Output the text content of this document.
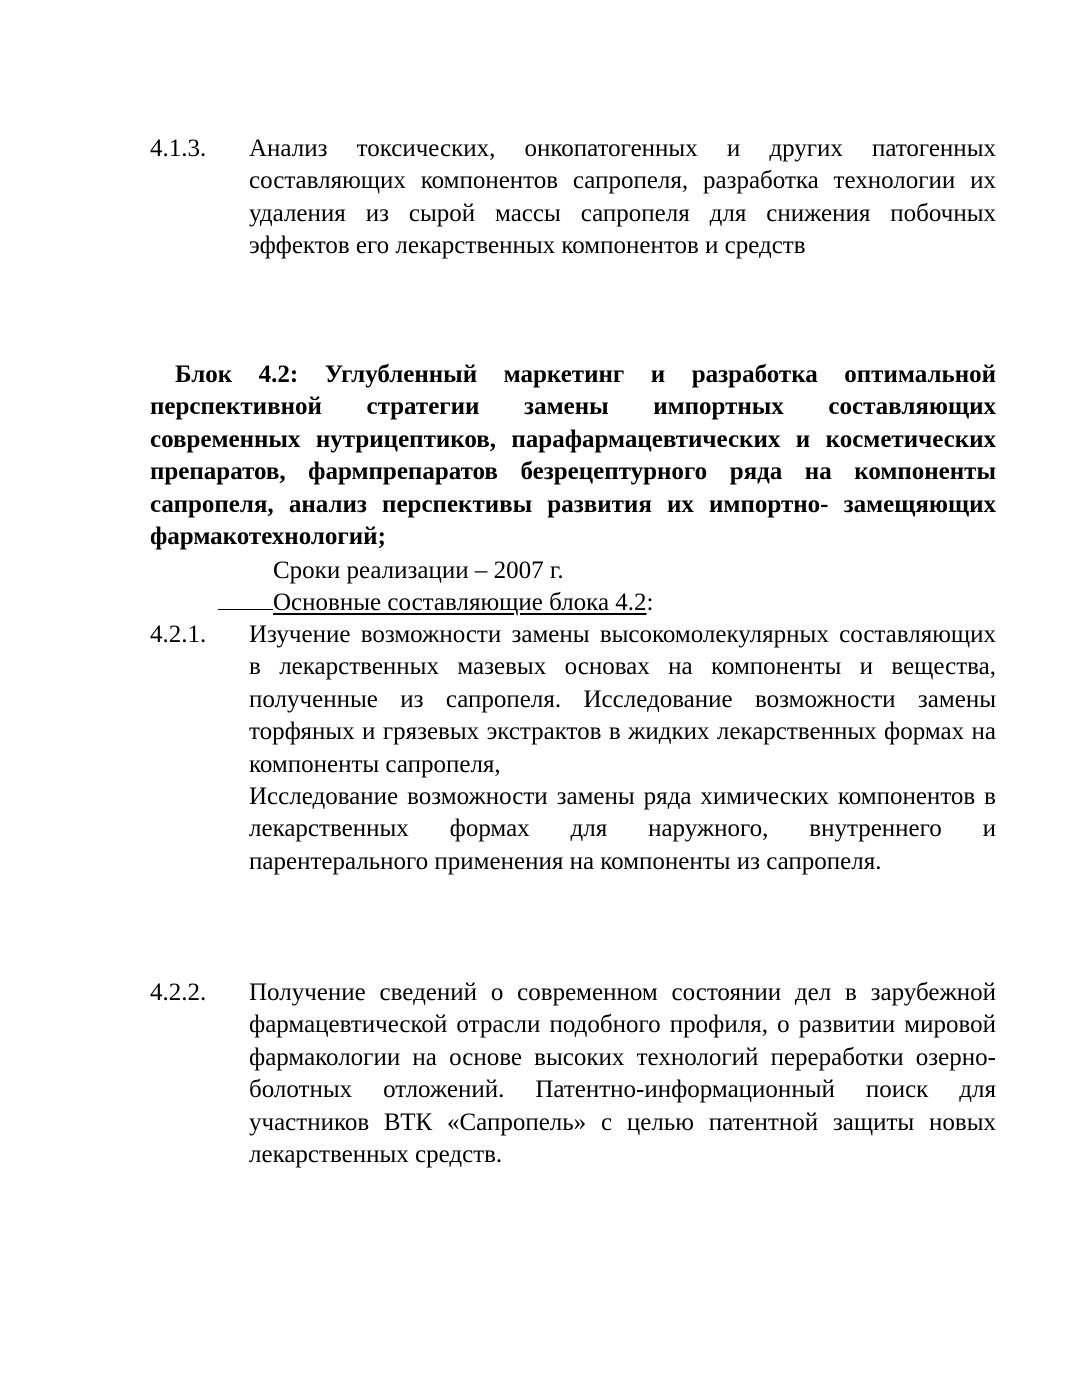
4.1.3. Анализ токсических, онкопатогенных и других патогенных составляющих компонентов сапропеля, разработка технологии их удаления из сырой массы сапропеля для снижения побочных эффектов его лекарственных компонентов и средств

Блок 4.2: Углубленный маркетинг и разработка оптимальной перспективной стратегии замены импортных составляющих современных нутрицептиков, парафармацевтических и косметических препаратов, фармпрепаратов безрецептурного ряда на компоненты сапропеля, анализ перспективы развития их импортно- замещяющих фармакотехнологий;

Сроки реализации – 2007 г.
Основные составляющие блока 4.2:
4.2.1. Изучение возможности замены высокомолекулярных составляющих в лекарственных мазевых основах на компоненты и вещества, полученные из сапропеля. Исследование возможности замены торфяных и грязевых экстрактов в жидких лекарственных формах на компоненты сапропеля,

Исследование возможности замены ряда химических компонентов в лекарственных формах для наружного, внутреннего и парентерального применения на компоненты из сапропеля.

4.2.2. Получение сведений о современном состоянии дел в зарубежной фармацевтической отрасли подобного профиля, о развитии мировой фармакологии на основе высоких технологий переработки озерно-болотных отложений. Патентно-информационный поиск для участников ВТК «Сапропель» с целью патентной защиты новых лекарственных средств.
